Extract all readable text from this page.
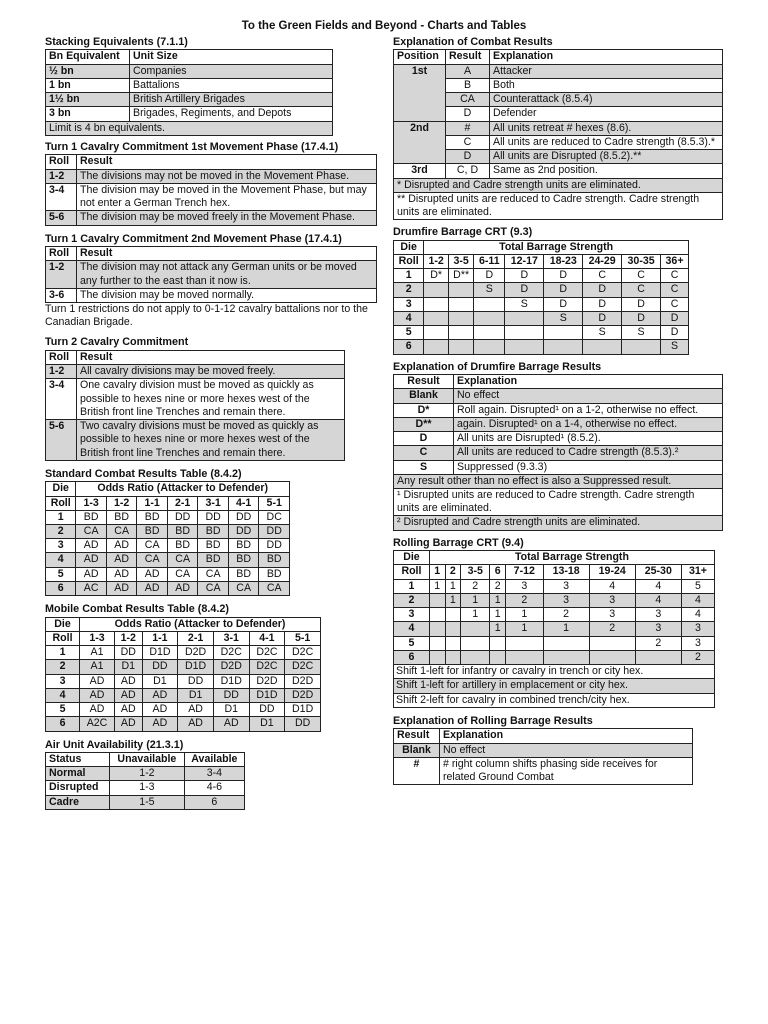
To the Green Fields and Beyond - Charts and Tables
Stacking Equivalents (7.1.1)
Bn Equivalent	Unit Size
½ bn	Companies
1 bn	Battalions
1½ bn	British Artillery Brigades
3 bn	Brigades, Regiments, and Depots
Limit is 4 bn equivalents.	
Turn 1 Cavalry Commitment 1st Movement Phase (17.4.1)
Roll	Result
1-2	The divisions may not be moved in the Movement Phase.
3-4	The division may be moved in the Movement Phase, but may not enter a German Trench hex.
5-6	The division may be moved freely in the Movement Phase.
Turn 1 Cavalry Commitment 2nd Movement Phase (17.4.1)
Roll	Result
1-2	The division may not attack any German units or be moved any further to the east than it now is.
3-6	The division may be moved normally.

Turn 1 restrictions do not apply to 0-1-12 cavalry battalions nor to the Canadian Brigade.

Turn 2 Cavalry Commitment
Roll	Result
1-2	All cavalry divisions may be moved freely.
3-4	One cavalry division must be moved as quickly as possible to hexes nine or more hexes west of the British front line Trenches and remain there.
5-6	Two cavalry divisions must be moved as quickly as possible to hexes nine or more hexes west of the British front line Trenches and remain there.
Standard Combat Results Table (8.4.2)
Die	Odds Ratio (Attacker to Defender)						
Roll	1-3	1-2	1-1	2-1	3-1	4-1	5-1
1	BD	BD	BD	DD	DD	DD	DC
2	CA	CA	BD	BD	BD	DD	DD
3	AD	AD	CA	BD	BD	BD	DD
4	AD	AD	CA	CA	BD	BD	BD
5	AD	AD	AD	CA	CA	BD	BD
6	AC	AD	AD	AD	CA	CA	CA
Mobile Combat Results Table (8.4.2)
Die	Odds Ratio (Attacker to Defender)						
Roll	1-3	1-2	1-1	2-1	3-1	4-1	5-1
1	A1	DD	D1D	D2D	D2C	D2C	D2C
2	A1	D1	DD	D1D	D2D	D2C	D2C
3	AD	AD	D1	DD	D1D	D2D	D2D
4	AD	AD	AD	D1	DD	D1D	D2D
5	AD	AD	AD	AD	D1	DD	D1D
6	A2C	AD	AD	AD	AD	D1	DD
Air Unit Availability (21.3.1)
Status	Unavailable	Available
Normal	1-2	3-4
Disrupted	1-3	4-6
Cadre	1-5	6
Explanation of Combat Results
Position	Result	Explanation
1st	A	Attacker
	B	Both
	CA	Counterattack (8.5.4)
	D	Defender
2nd	#	All units retreat # hexes (8.6).
	C	All units are reduced to Cadre strength (8.5.3).*
	D	All units are Disrupted (8.5.2).**
3rd	C, D	Same as 2nd position.
* Disrupted and Cadre strength units are eliminated.		
** Disrupted units are reduced to Cadre strength. Cadre strength units are eliminated.		
Drumfire Barrage CRT (9.3)
Die	Total Barrage Strength							
Roll	1-2	3-5	6-11	12-17	18-23	24-29	30-35	36+
1	D*	D**	D	D	D	C	C	C
2			S	D	D	D	C	C
3				S	D	D	D	C
4					S	D	D	D
5						S	S	D
6								S
Explanation of Drumfire Barrage Results
Result	Explanation
Blank	No effect
D*	Roll again. Disrupted¹ on a 1-2, otherwise no effect.
D**	again. Disrupted¹ on a 1-4, otherwise no effect.
D	All units are Disrupted¹ (8.5.2).
C	All units are reduced to Cadre strength (8.5.3).²
S	Suppressed (9.3.3)
Any result other than no effect is also a Suppressed result.	
¹ Disrupted units are reduced to Cadre strength. Cadre strength units are eliminated.	
² Disrupted and Cadre strength units are eliminated.	
Rolling Barrage CRT (9.4)
Die	Total Barrage Strength								
Roll	1	2	3-5	6	7-12	13-18	19-24	25-30	31+
1	1	1	2	2	3	3	4	4	5
2		1	1	1	2	3	3	4	4
3			1	1	1	2	3	3	4
4				1	1	1	2	3	3
5								2	3
6									2
Shift 1-left for infantry or cavalry in trench or city hex.									
Shift 1-left for artillery in emplacement or city hex.									
Shift 2-left for cavalry in combined trench/city hex.									
Explanation of Rolling Barrage Results
Result	Explanation
Blank	No effect
#	# right column shifts phasing side receives for related Ground Combat
